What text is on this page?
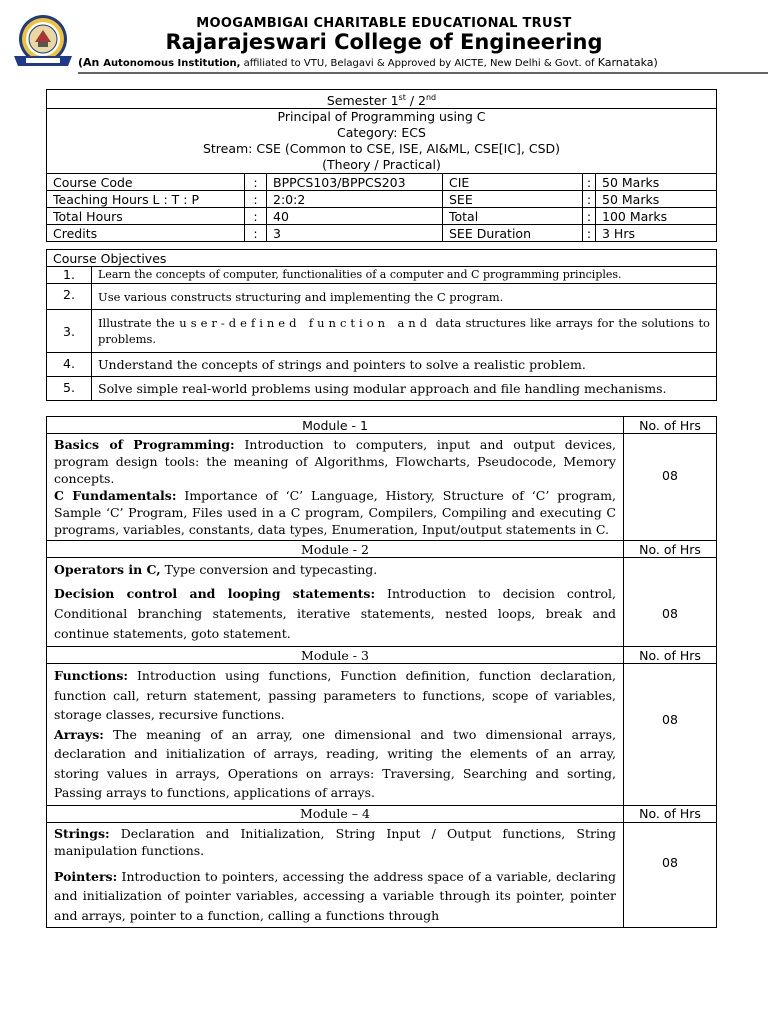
MOOGAMBIGAI CHARITABLE EDUCATIONAL TRUST
Rajarajeswari College of Engineering
(An Autonomous Institution, affiliated to VTU, Belagavi & Approved by AICTE, New Delhi & Govt. of Karnataka)
Semester 1st / 2nd

Principal of Programming using C
Category: ECS
Stream: CSE (Common to CSE, ISE, AI&ML, CSE[IC], CSD)
(Theory / Practical)					

Course Code	:	BPPCS103/BPPCS203	CIE	:	50 Marks
Teaching Hours L : T : P	:	2:0:2	SEE	:	50 Marks
Total Hours	:	40	Total	:	100 Marks
Credits	:	3	SEE Duration	:	3 Hrs
Course Objectives	
1.	Learn the concepts of computer, functionalities of a computer and C programming principles.
2.	Use various constructs structuring and implementing the C program.
3.	Illustrate the user-defined function and data structures like arrays for the solutions to problems.
4.	Understand the concepts of strings and pointers to solve a realistic problem.
5.	Solve simple real-world problems using modular approach and file handling mechanisms.
Module - 1	No. of Hrs

Basics of Programming: Introduction to computers, input and output devices, program design tools: the meaning of Algorithms, Flowcharts, Pseudocode, Memory concepts.

C Fundamentals: Importance of ‘C’ Language, History, Structure of ‘C’ program, Sample ‘C’ Program, Files used in a C program, Compilers, Compiling and executing C programs, variables, constants, data types, Enumeration, Input/output statements in C.	08
Module - 2	No. of Hrs

Operators in C, Type conversion and typecasting.

Decision control and looping statements: Introduction to decision control, Conditional branching statements, iterative statements, nested loops, break and continue statements, goto statement.	08
Module - 3	No. of Hrs

Functions: Introduction using functions, Function definition, function declaration, function call, return statement, passing parameters to functions, scope of variables, storage classes, recursive functions.

Arrays: The meaning of an array, one dimensional and two dimensional arrays, declaration and initialization of arrays, reading, writing the elements of an array, storing values in arrays, Operations on arrays: Traversing, Searching and sorting, Passing arrays to functions, applications of arrays.	08
Module – 4	No. of Hrs

Strings: Declaration and Initialization, String Input / Output functions, String manipulation functions.

Pointers: Introduction to pointers, accessing the address space of a variable, declaring and initialization of pointer variables, accessing a variable through its pointer, pointer and arrays, pointer to a function, calling a functions through	08
